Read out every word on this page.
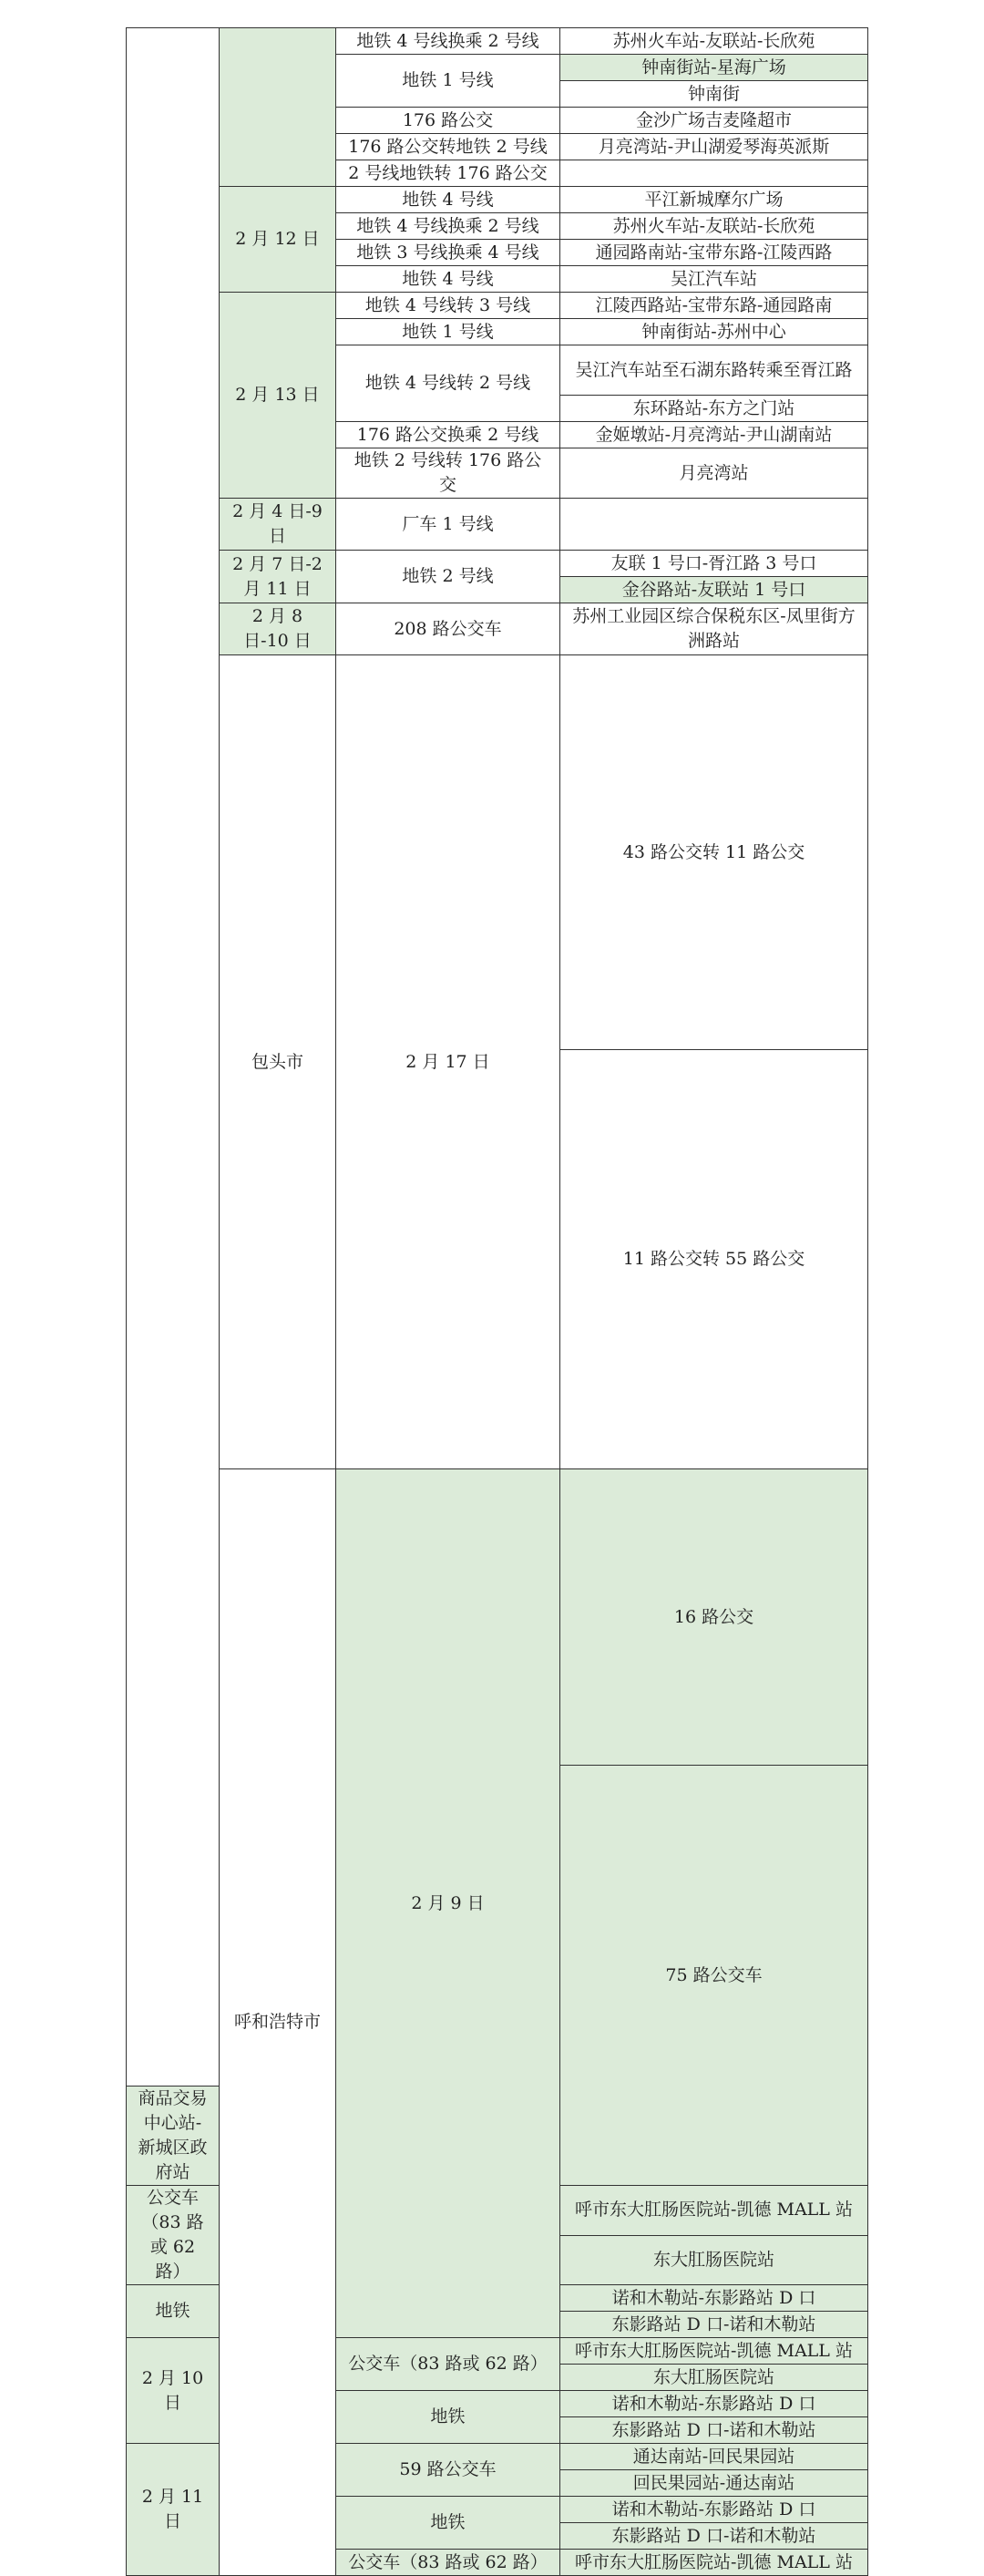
		地铁 4 号线换乘 2 号线	苏州火车站-友联站-长欣苑	
		地铁 1 号线	钟南街站-星海广场	
			钟南街	
		176 路公交	金沙广场吉麦隆超市	
		176 路公交转地铁 2 号线	月亮湾站-尹山湖爱琴海英派斯	
		2 号线地铁转 176 路公交		
	2 月 12 日	地铁 4 号线	平江新城摩尔广场	
		地铁 4 号线换乘 2 号线	苏州火车站-友联站-长欣苑	
		地铁 3 号线换乘 4 号线	通园路南站-宝带东路-江陵西路	
		地铁 4 号线	吴江汽车站	
	2 月 13 日	地铁 4 号线转 3 号线	江陵西路站-宝带东路-通园路南	
		地铁 1 号线	钟南街站-苏州中心	
		地铁 4 号线转 2 号线	吴江汽车站至石湖东路转乘至胥江路	
			东环路站-东方之门站	
		176 路公交换乘 2 号线	金姬墩站-月亮湾站-尹山湖南站	
		地铁 2 号线转 176 路公交	月亮湾站	
	2 月 4 日-9 日	厂车 1 号线		
	2 月 7 日-2 月 11 日	地铁 2 号线	友联 1 号口-胥江路 3 号口	
			金谷路站-友联站 1 号口	
	2 月 8 日-10 日	208 路公交车	苏州工业园区综合保税东区-凤里街方洲路站	
	包头市	2 月 17 日	43 路公交转 11 路公交	
			11 路公交转 55 路公交	
	呼和浩特市	2 月 9 日	16 路公交	
			75 路公交车	
商品交易中心站-新城区政府站				
公交车（83 路或 62 路）			呼市东大肛肠医院站-凯德 MALL 站	
			东大肛肠医院站	
地铁			诺和木勒站-东影路站 D 口	
			东影路站 D 口-诺和木勒站	
2 月 10 日		公交车（83 路或 62 路）	呼市东大肛肠医院站-凯德 MALL 站	
			东大肛肠医院站	
		地铁	诺和木勒站-东影路站 D 口	
			东影路站 D 口-诺和木勒站	
2 月 11 日		59 路公交车	通达南站-回民果园站	
			回民果园站-通达南站	
		地铁	诺和木勒站-东影路站 D 口	
			东影路站 D 口-诺和木勒站	
		公交车（83 路或 62 路）	呼市东大肛肠医院站-凯德 MALL 站	
